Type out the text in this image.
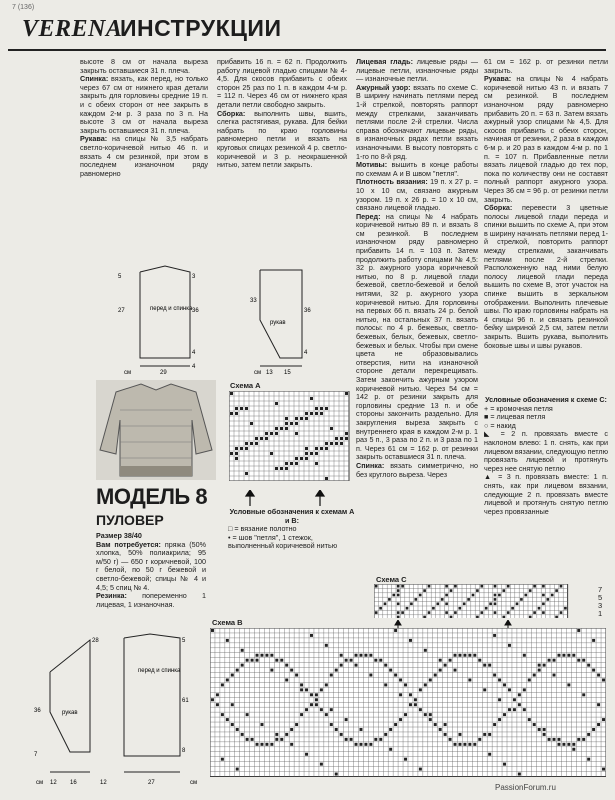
7 (136)
VERENA
ИНСТРУКЦИИ

высоте 8 см от начала выреза закрыть оставшиеся 31 п. плеча.

Спинка: вязать, как перед, но только через 67 см от нижнего края детали закрыть для горловины средние 19 п. и с обеих сторон от нее закрыть в каждом 2-м р. 3 раза по 3 п. На высоте 3 см от начала выреза закрыть оставшиеся 31 п. плеча.

Рукава: на спицы № 3,5 набрать светло-коричневой нитью 46 п. и вязать 4 см резинкой, при этом в последнем изнаночном ряду равномерно

прибавить 16 п. = 62 п. Продолжить работу лицевой гладью спицами № 4-4,5. Для скосов прибавить с обеих сторон 25 раз по 1 п. в каждом 4-м р. = 112 п. Через 46 см от нижнего края детали петли свободно закрыть.

Сборка: выполнить швы, вшить, слегка растягивая, рукава. Для бейки набрать по краю горловины равномерно петли и вязать на круговых спицах резинкой 4 р. светло-коричневой и 3 р. неокрашенной нитью, затем петли закрыть.

Лицевая гладь: лицевые ряды — лицевые петли, изнаночные ряды — изнаночные петли.

Ажурный узор: вязать по схеме С. В ширину начинать петлями перед 1-й стрелкой, повторять раппорт между стрелками, заканчивать петлями после 2-й стрелки. Числа справа обозначают лицевые ряды, в изнаночных рядах петли вязать изнаночными. В высоту повторять с 1-го по 8-й ряд.

Мотивы: вышить в конце работы по схемам А и В швом "петля".

Плотность вязания: 19 п. х 27 р. = 10 х 10 см, связано ажурным узором. 19 п. х 26 р. = 10 х 10 см, связано лицевой гладью.

Перед: на спицы № 4 набрать коричневой нитью 89 п. и вязать 8 см резинкой. В последнем изнаночном ряду равномерно прибавить 14 п. = 103 п. Затем продолжить работу спицами № 4,5: 32 р. ажурного узора коричневой нитью, по 8 р. лицевой глади бежевой, светло-бежевой и белой нитями, 32 р. ажурного узора коричневой нитью. Для горловины на первых 66 п. вязать 24 р. белой нитью, на остальных 37 п. вязать полосы: по 4 р. бежевых, светло-бежевых, белых, бежевых, светло-бежевых и белых. Чтобы при смене цвета не образовывались отверстия, нити на изнаночной стороне детали перекрещивать. Затем закончить ажурным узором коричневой нитью. Через 54 см = 142 р. от резинки закрыть для горловины средние 13 п. и обе стороны закончить раздельно. Для закругления выреза закрыть с внутреннего края в каждом 2-м р. 1 раз 5 п., 3 раза по 2 п. и 3 раза по 1 п. Через 61 см = 162 р. от резинки закрыть оставшиеся 31 п. плеча.

Спинка: вязать симметрично, но без круглого выреза. Через

61 см = 162 р. от резинки петли закрыть.

Рукава: на спицы № 4 набрать коричневой нитью 43 п. и вязать 7 см резинкой. В последнем изнаночном ряду равномерно прибавить 20 п. = 63 п. Затем вязать ажурный узор спицами № 4,5. Для скосов прибавить с обеих сторон, начиная от резинки, 2 раза в каждом 6-м р. и 20 раз в каждом 4-м р. по 1 п. = 107 п. Прибавленные петли вязать лицевой гладью до тех пор, пока по количеству они не составят полный раппорт ажурного узора. Через 36 см = 96 р. от резинки петли закрыть.

Сборка: перевести 3 цветные полосы лицевой глади переда и спинки вышить по схеме А, при этом в ширину начинать петлями перед 1-й стрелкой, повторить раппорт между стрелками, заканчивать петлями после 2-й стрелки. Расположенную над ними белую полосу лицевой глади переда вышить по схеме В, этот участок на спинке вышить в зеркальном отображении. Выполнить плечевые швы. По краю горловины набрать на 4 спицы 96 п. и связать резинкой бейку шириной 2,5 см, затем петли закрыть. Вшить рукава, выполнить боковые швы и швы рукавов.

Условные обозначения к схеме С:

+ = кромочная петля

■ = лицевая петля

○ = накид

◣ = 2 п. провязать вместе с наклоном влево: 1 п. снять, как при лицевом вязании, следующую петлю провязать лицевой и протянуть через нее снятую петлю

▲ = 3 п. провязать вместе: 1 п. снять, как при лицевом вязании, следующие 2 п. провязать вместе лицевой и протянуть снятую петлю через провязанные

перед и спинка
рукав
5
27	36
29
36
4
13 15
4
33
3
4
см	см
МОДЕЛЬ 8
ПУЛОВЕР

Размер 38/40

Вам потребуется: пряжа (50% хлопка, 50% полиакрила; 95 м/50 г) — 650 г коричневой, 100 г белой, по 50 г бежевой и светло-бежевой; спицы № 4 и 4,5; 5 спиц № 4.

Резинка: попеременно 1 лицевая, 1 изнаночная.

рукав
перед и спинка
28
36
7
12 16	12	27
5
61
8
см	см
Условные обозначения к схемам А и В:
□ = вязание полотно
• = шов "петля", 1 стежок, выполненный коричневой нитью
Схема А
Схема С
7
5
3
1
Схема В
PassionForum.ru
